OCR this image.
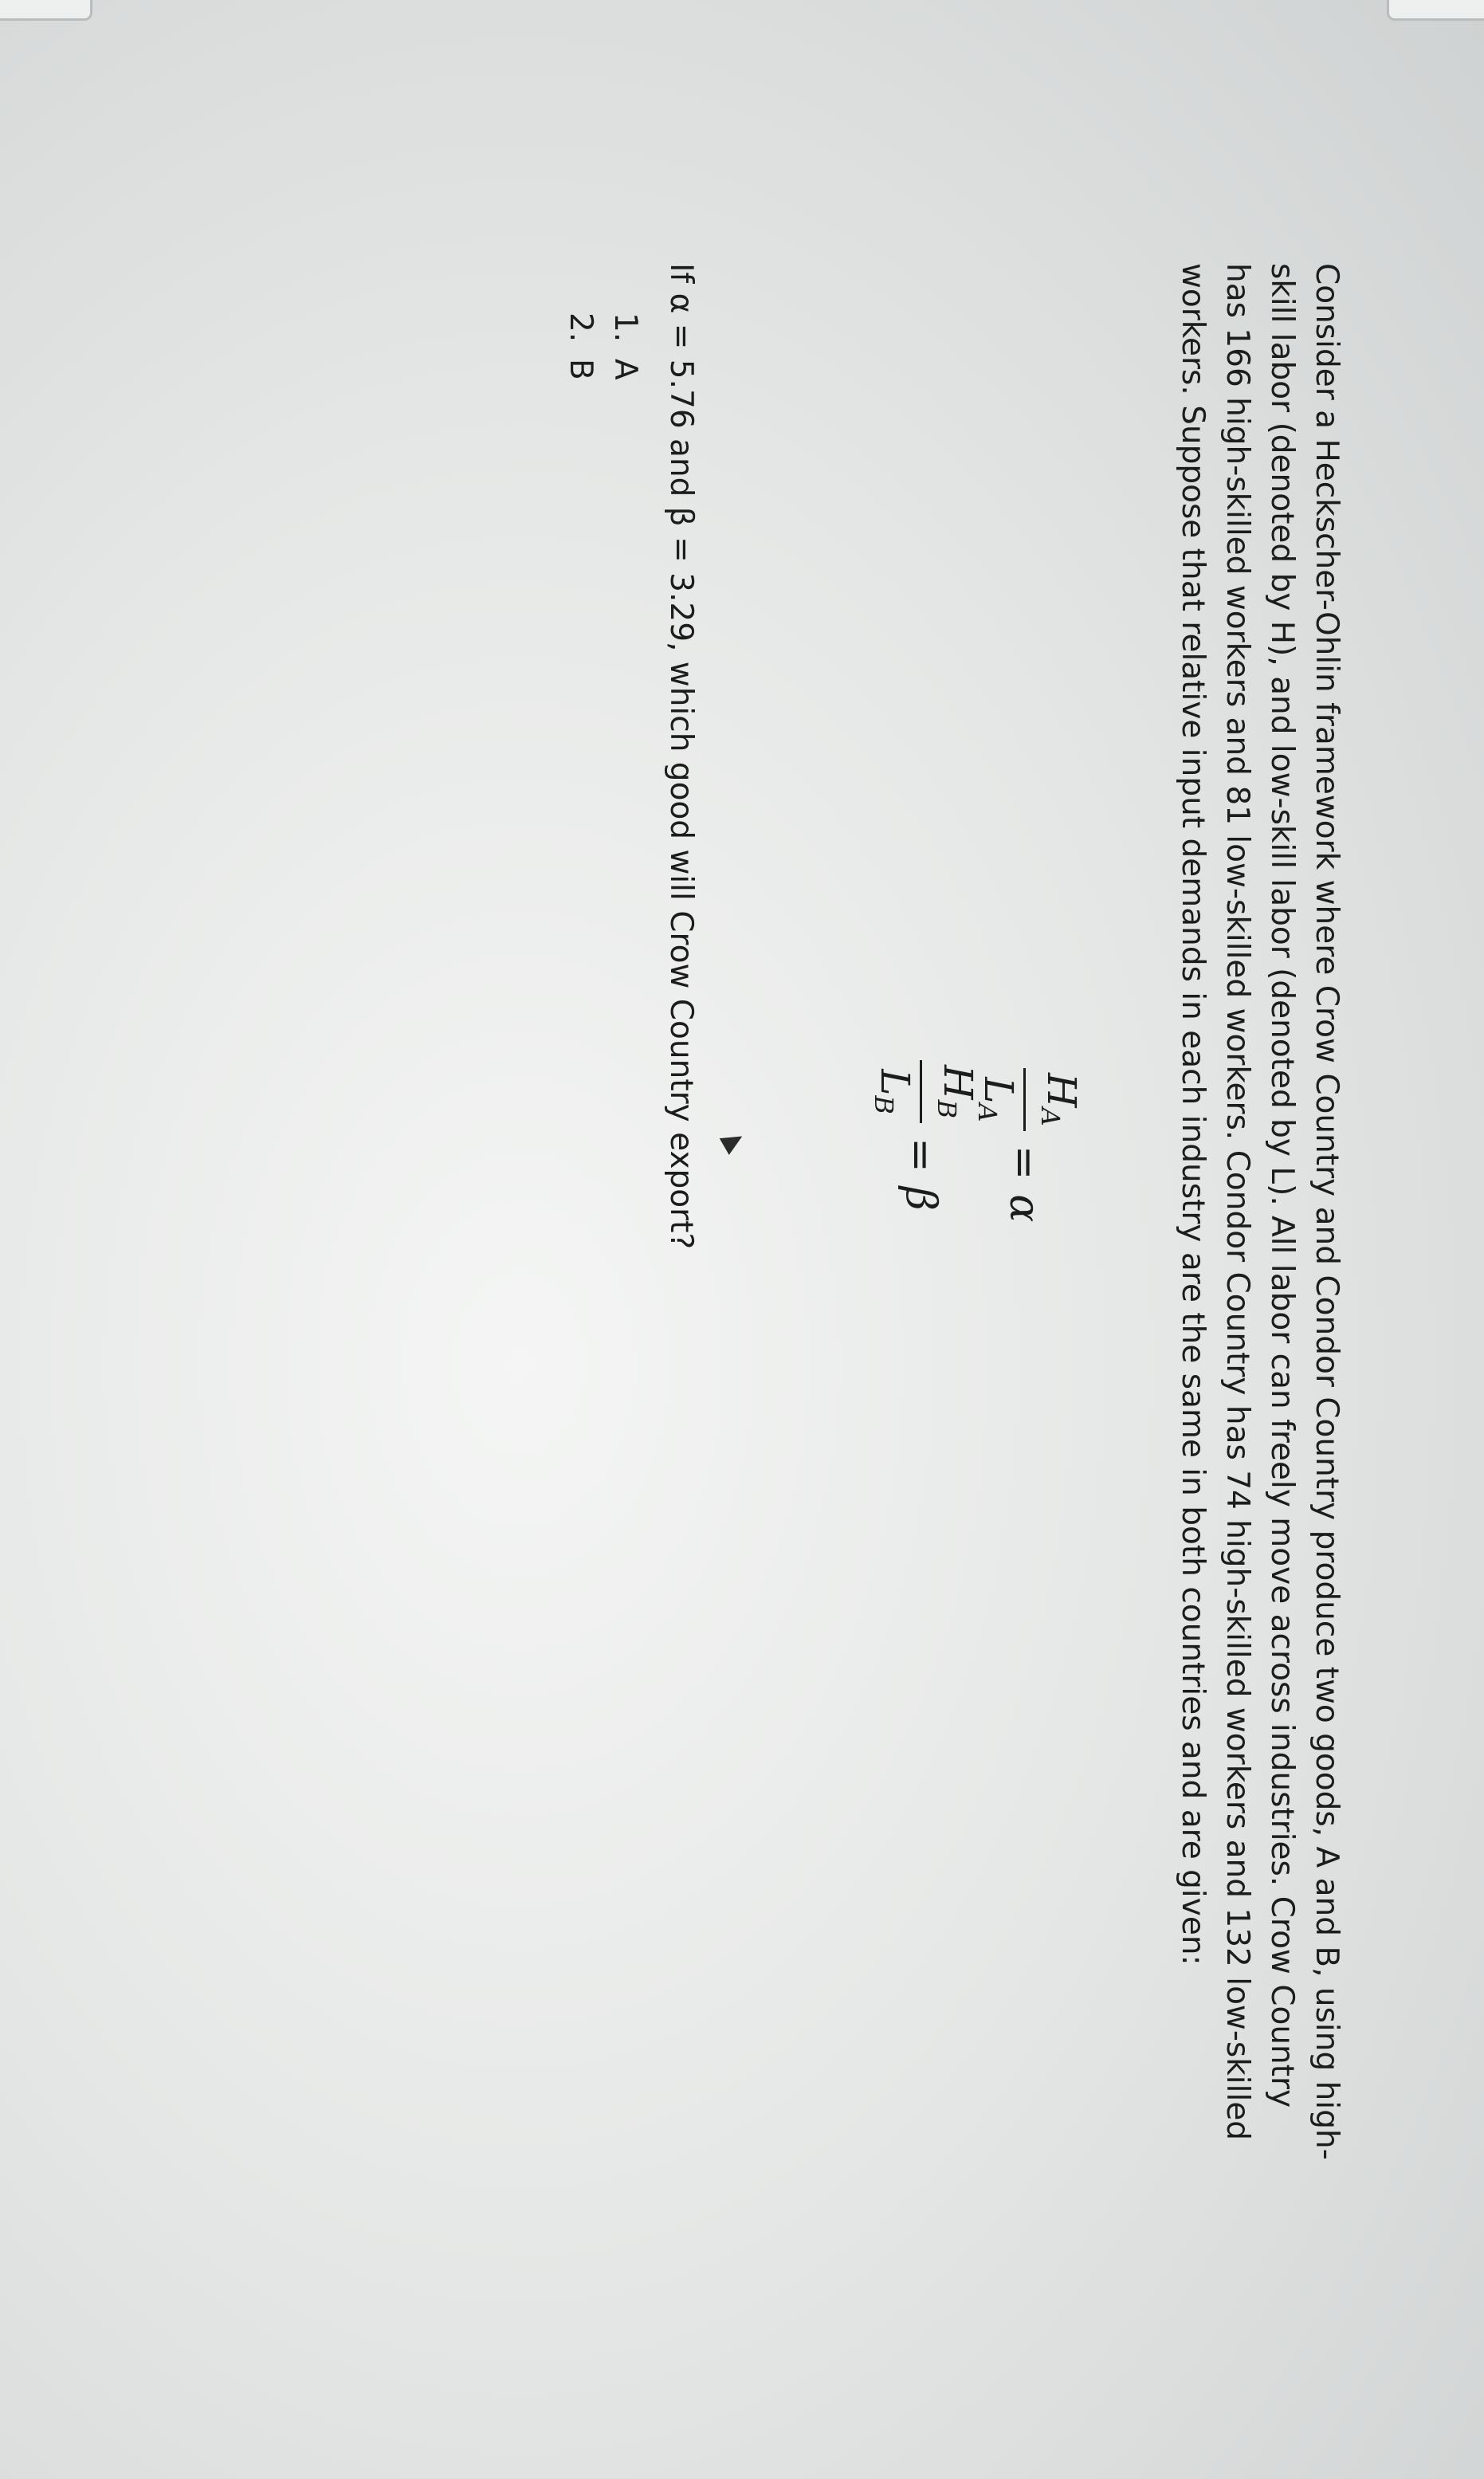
Consider a Heckscher-Ohlin framework where Crow Country and Condor Country produce two goods, A and B, using high-skill labor (denoted by H), and low-skill labor (denoted by L). All labor can freely move across industries. Crow Country has 166 high-skilled workers and 81 low-skilled workers. Condor Country has 74 high-skilled workers and 132 low-skilled workers. Suppose that relative input demands in each industry are the same in both countries and are given:

$H_A$
$L_A$
=
α
$H_B$
$L_B$
=
β

If α = 5.76 and β = 3.29, which good will Crow Country export?

1.A
2.B
